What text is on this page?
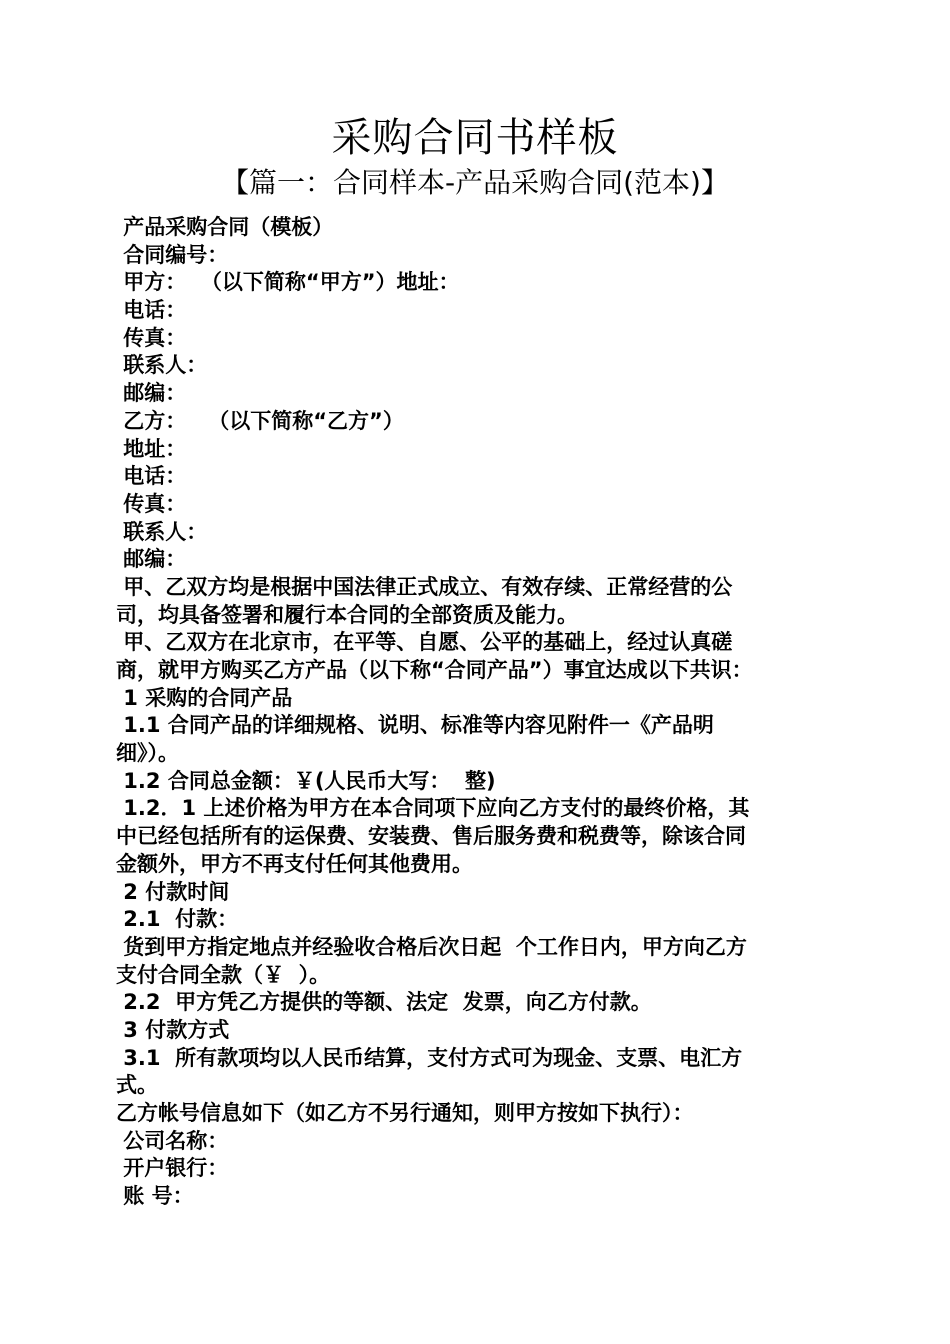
采购合同书样板
【篇一：合同样本-产品采购合同(范本)】
产品采购合同（模板）
合同编号：
甲方：  （以下简称“甲方”）地址：
电话：
传真：
联系人：
邮编：
乙方：   （以下简称“乙方”）
地址：
电话：
传真：
联系人：
邮编：
甲、乙双方均是根据中国法律正式成立、有效存续、正常经营的公
司，均具备签署和履行本合同的全部资质及能力。
甲、乙双方在北京市，在平等、自愿、公平的基础上，经过认真磋
商，就甲方购买乙方产品（以下称“合同产品”）事宜达成以下共识：
1 采购的合同产品
1.1 合同产品的详细规格、说明、标准等内容见附件一《产品明
细》）。
1.2 合同总金额：￥(人民币大写：  整)
1.2．1 上述价格为甲方在本合同项下应向乙方支付的最终价格，其
中已经包括所有的运保费、安装费、售后服务费和税费等，除该合同
金额外，甲方不再支付任何其他费用。
2 付款时间
2.1  付款：
货到甲方指定地点并经验收合格后次日起  个工作日内，甲方向乙方
支付合同全款（￥  ）。
2.2  甲方凭乙方提供的等额、法定  发票，向乙方付款。
3 付款方式
3.1  所有款项均以人民币结算，支付方式可为现金、支票、电汇方
式。
乙方帐号信息如下（如乙方不另行通知，则甲方按如下执行）：
公司名称：
开户银行：
账 号：
